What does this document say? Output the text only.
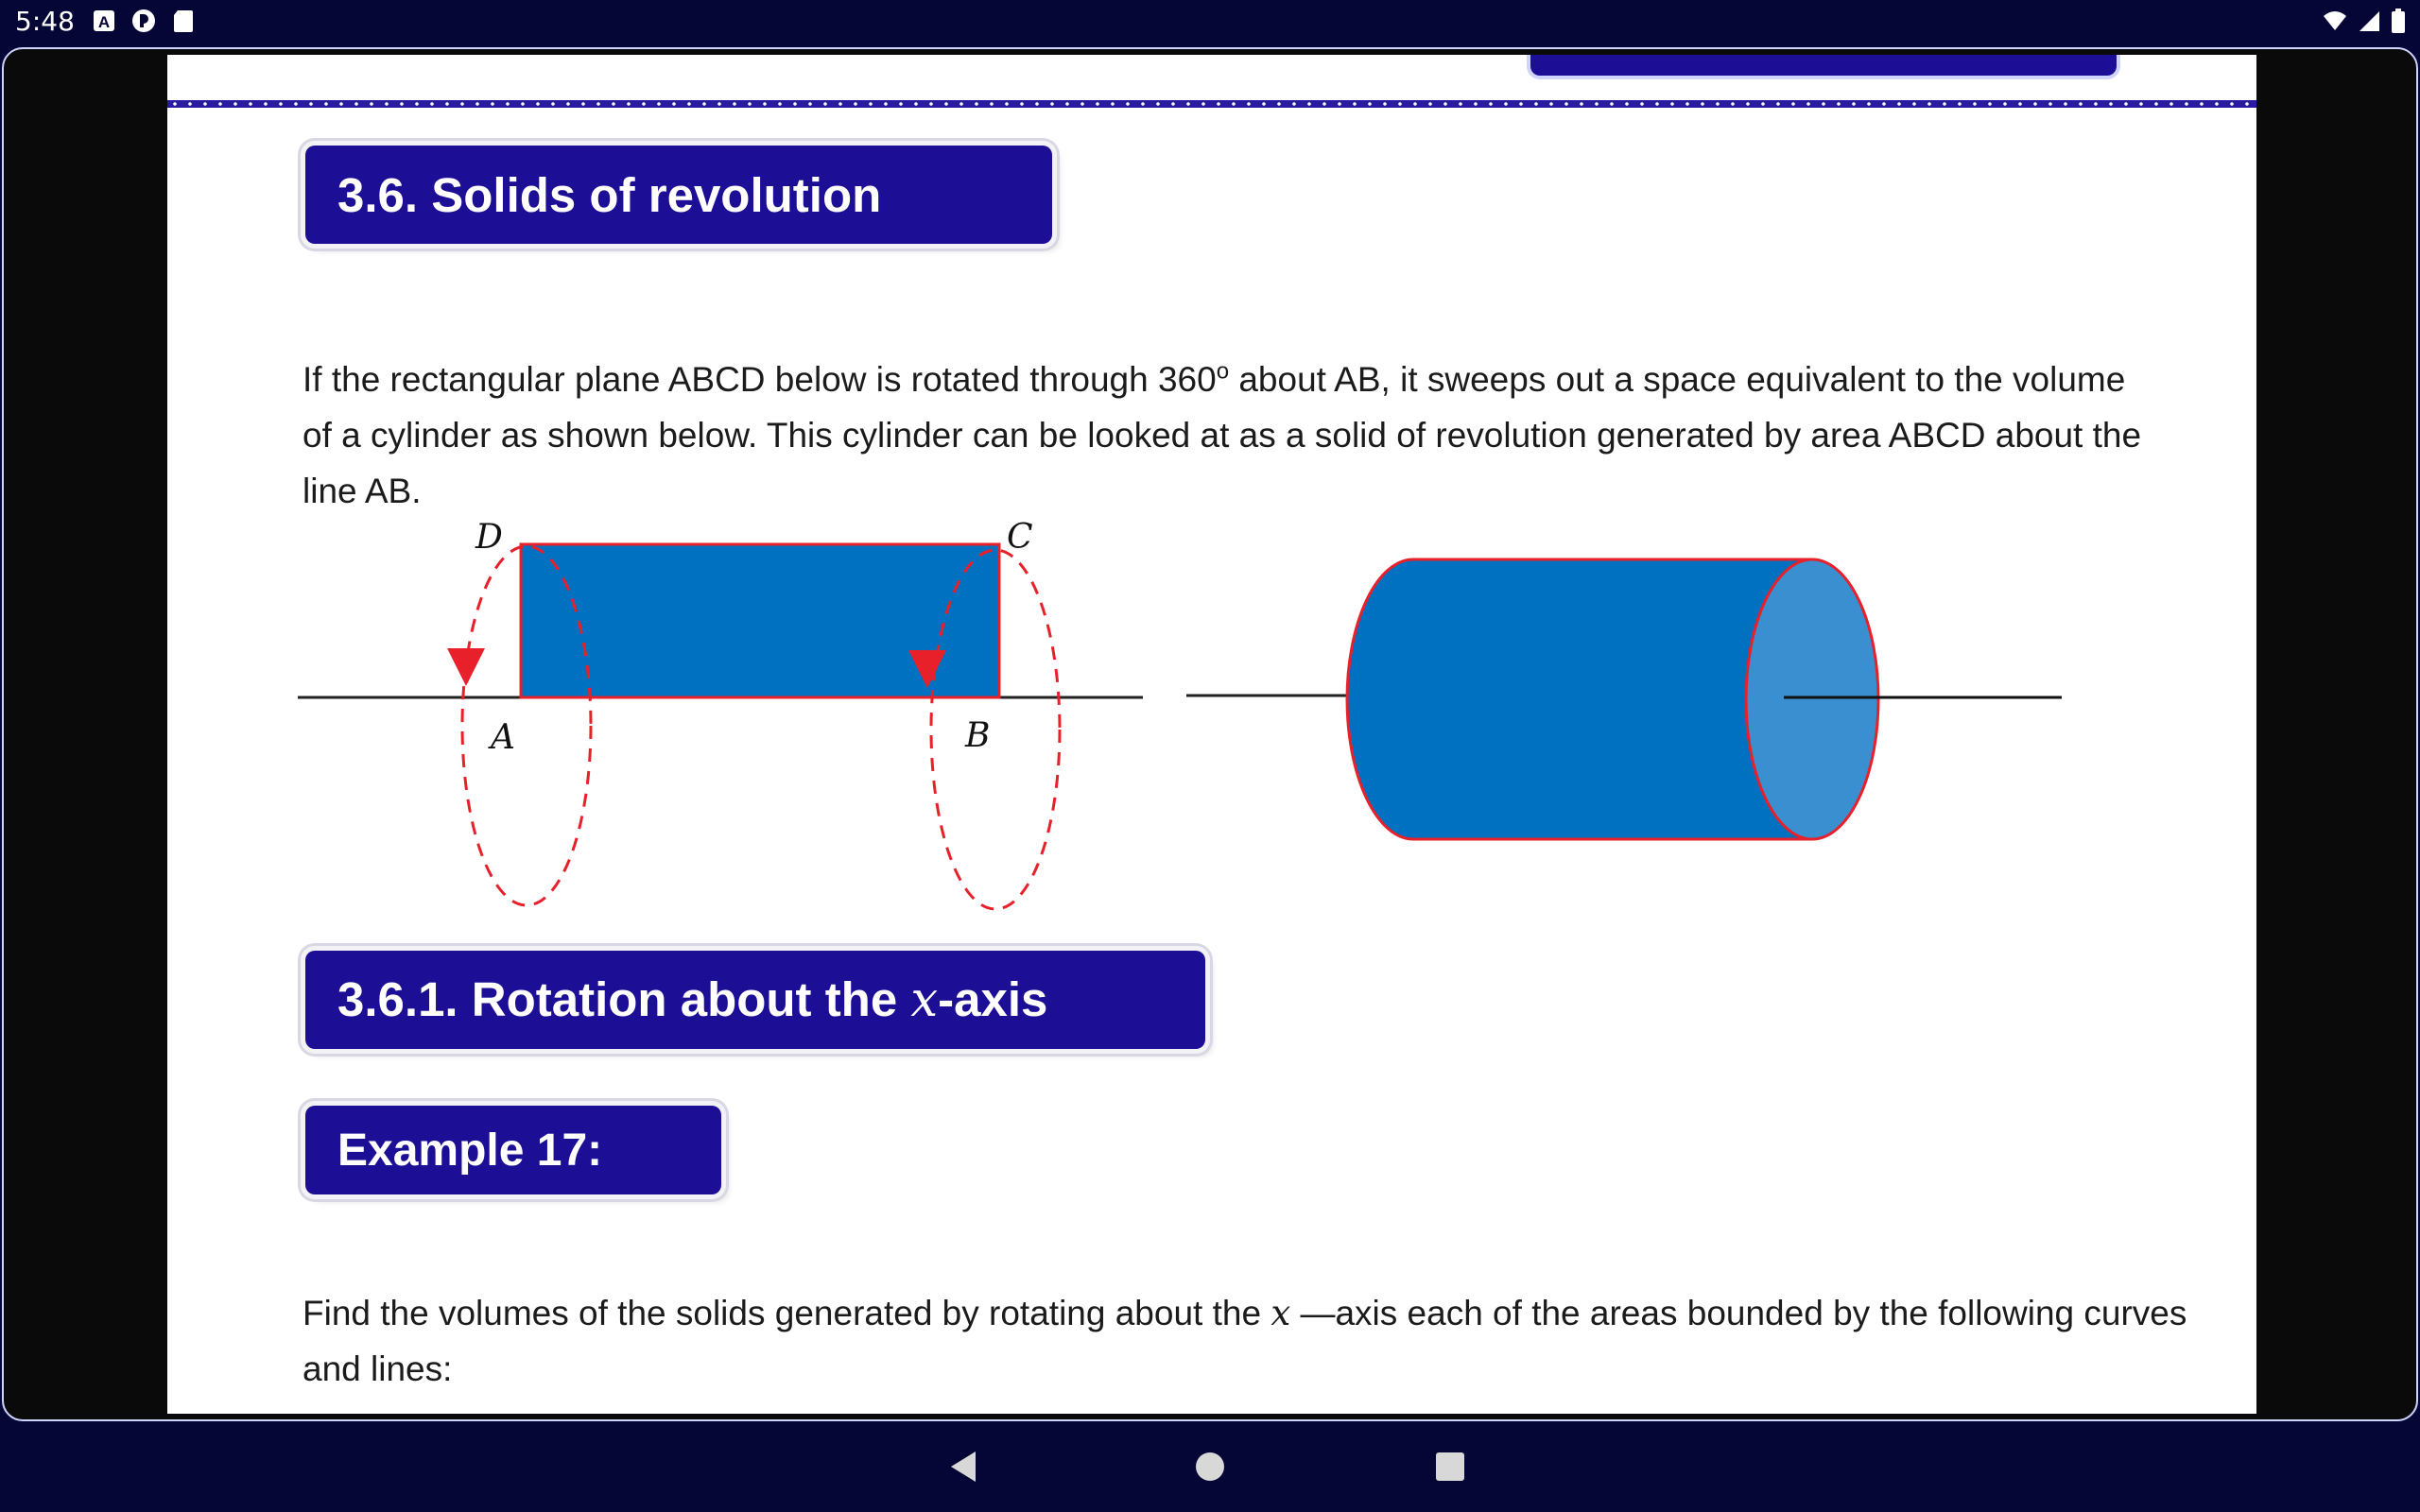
5:48 A
3.6. Solids of revolution
If the rectangular plane ABCD below is rotated through 360$^o$ about AB, it sweeps out a space equivalent to the volume of a cylinder as shown below. This cylinder can be looked at as a solid of revolution generated by area ABCD about the line AB.
D	C
A	B
3.6.1. Rotation about the x-axis
Example 17:
Find the volumes of the solids generated by rotating about the x —axis each of the areas bounded by the following curves and lines:
